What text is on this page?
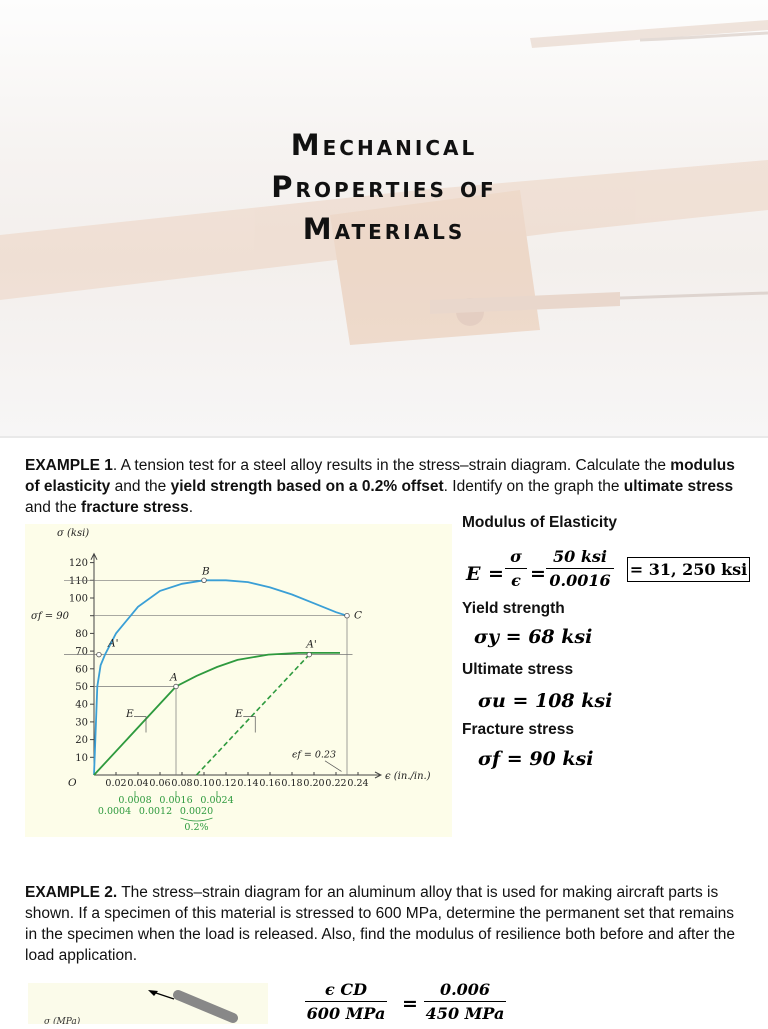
Mechanical
Properties of
Materials
EXAMPLE 1. A tension test for a steel alloy results in the stress–strain diagram. Calculate the modulus of elasticity and the yield strength based on a 0.2% offset. Identify on the graph the ultimate stress and the fracture stress.
10
20
30
40
50
60
70
80
σf = 90
100
110
120
σ (ksi)
0.02 0.04 0.06 0.08 0.10 0.12 0.14 0.16 0.18 0.20 0.22 0.24
O
ϵ (in./in.)
B
C
A'
A
A'
E	E
ϵf = 0.23
0.0008 0.0016 0.0024
0.0004 0.0012 0.0020
0.2%
Modulus of Elasticity
E =
σ
ϵ =
50 ksi
0.0016
= 31, 250 ksi
Yield strength
σy = 68 ksi
Ultimate stress
σu = 108 ksi
Fracture stress
σf = 90 ksi
EXAMPLE 2. The stress–strain diagram for an aluminum alloy that is used for making aircraft parts is shown. If a specimen of this material is stressed to 600 MPa, determine the permanent set that remains in the specimen when the load is released. Also, find the modulus of resilience both before and after the load application.
σ (MPa)
ϵ CD
600 MPa =
0.006
450 MPa
